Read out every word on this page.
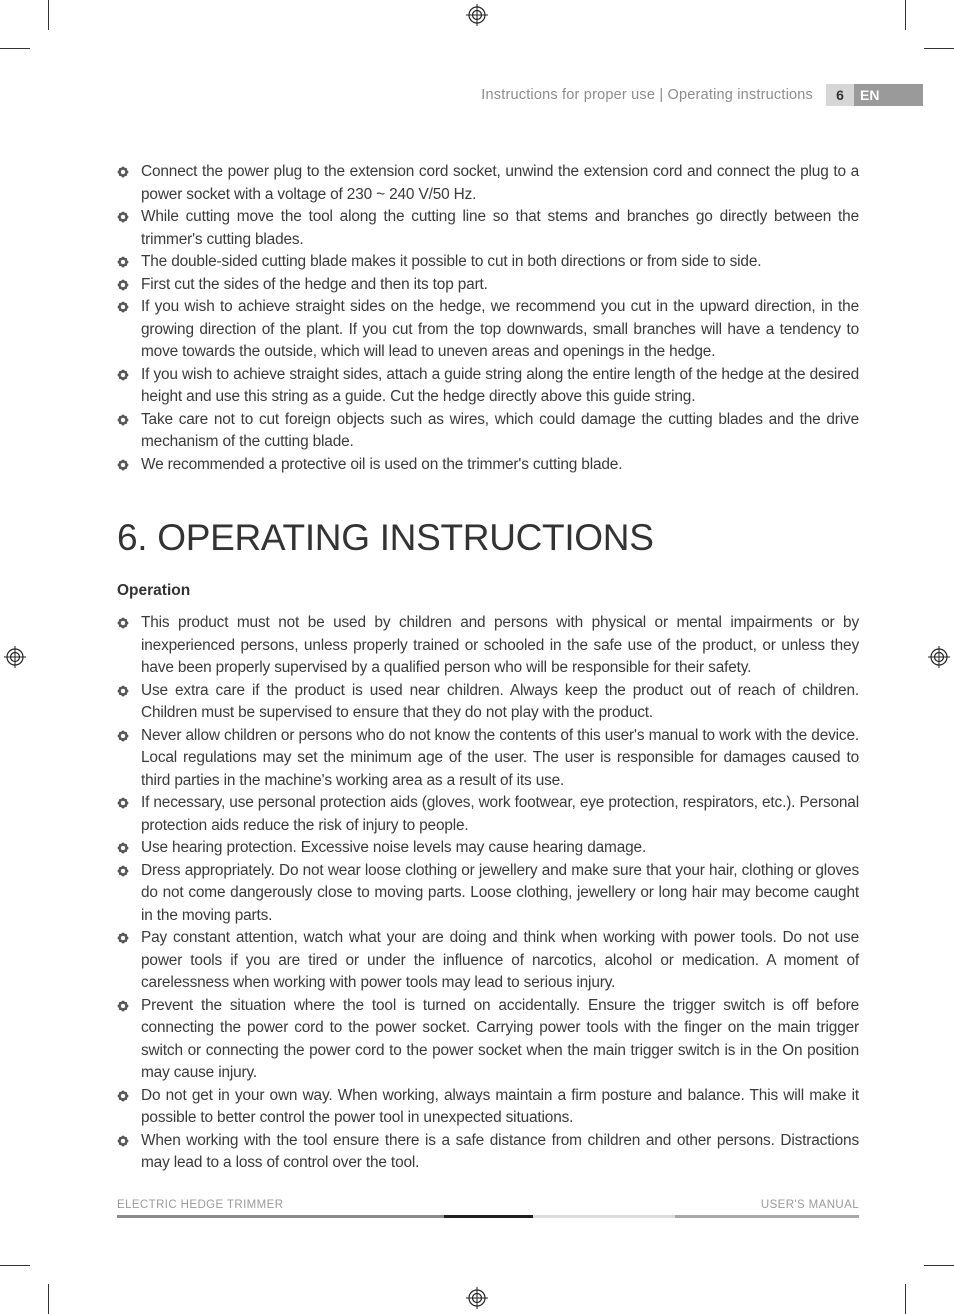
Instructions for proper use | Operating instructions	6	EN
Connect the power plug to the extension cord socket, unwind the extension cord and connect the plug to a power socket with a voltage of 230 ~ 240 V/50 Hz.
While cutting move the tool along the cutting line so that stems and branches go directly between the trimmer's cutting blades.
The double-sided cutting blade makes it possible to cut in both directions or from side to side.
First cut the sides of the hedge and then its top part.
If you wish to achieve straight sides on the hedge, we recommend you cut in the upward direction, in the growing direction of the plant. If you cut from the top downwards, small branches will have a tendency to move towards the outside, which will lead to uneven areas and openings in the hedge.
If you wish to achieve straight sides, attach a guide string along the entire length of the hedge at the desired height and use this string as a guide. Cut the hedge directly above this guide string.
Take care not to cut foreign objects such as wires, which could damage the cutting blades and the drive mechanism of the cutting blade.
We recommended a protective oil is used on the trimmer's cutting blade.
6. OPERATING INSTRUCTIONS
Operation
This product must not be used by children and persons with physical or mental impairments or by inexperienced persons, unless properly trained or schooled in the safe use of the product, or unless they have been properly supervised by a qualified person who will be responsible for their safety.
Use extra care if the product is used near children. Always keep the product out of reach of children. Children must be supervised to ensure that they do not play with the product.
Never allow children or persons who do not know the contents of this user's manual to work with the device. Local regulations may set the minimum age of the user. The user is responsible for damages caused to third parties in the machine's working area as a result of its use.
If necessary, use personal protection aids (gloves, work footwear, eye protection, respirators, etc.). Personal protection aids reduce the risk of injury to people.
Use hearing protection. Excessive noise levels may cause hearing damage.
Dress appropriately. Do not wear loose clothing or jewellery and make sure that your hair, clothing or gloves do not come dangerously close to moving parts. Loose clothing, jewellery or long hair may become caught in the moving parts.
Pay constant attention, watch what your are doing and think when working with power tools. Do not use power tools if you are tired or under the influence of narcotics, alcohol or medication. A moment of carelessness when working with power tools may lead to serious injury.
Prevent the situation where the tool is turned on accidentally. Ensure the trigger switch is off before connecting the power cord to the power socket. Carrying power tools with the finger on the main trigger switch or connecting the power cord to the power socket when the main trigger switch is in the On position may cause injury.
Do not get in your own way. When working, always maintain a firm posture and balance. This will make it possible to better control the power tool in unexpected situations.
When working with the tool ensure there is a safe distance from children and other persons. Distractions may lead to a loss of control over the tool.
ELECTRIC HEDGE TRIMMER	USER'S MANUAL
